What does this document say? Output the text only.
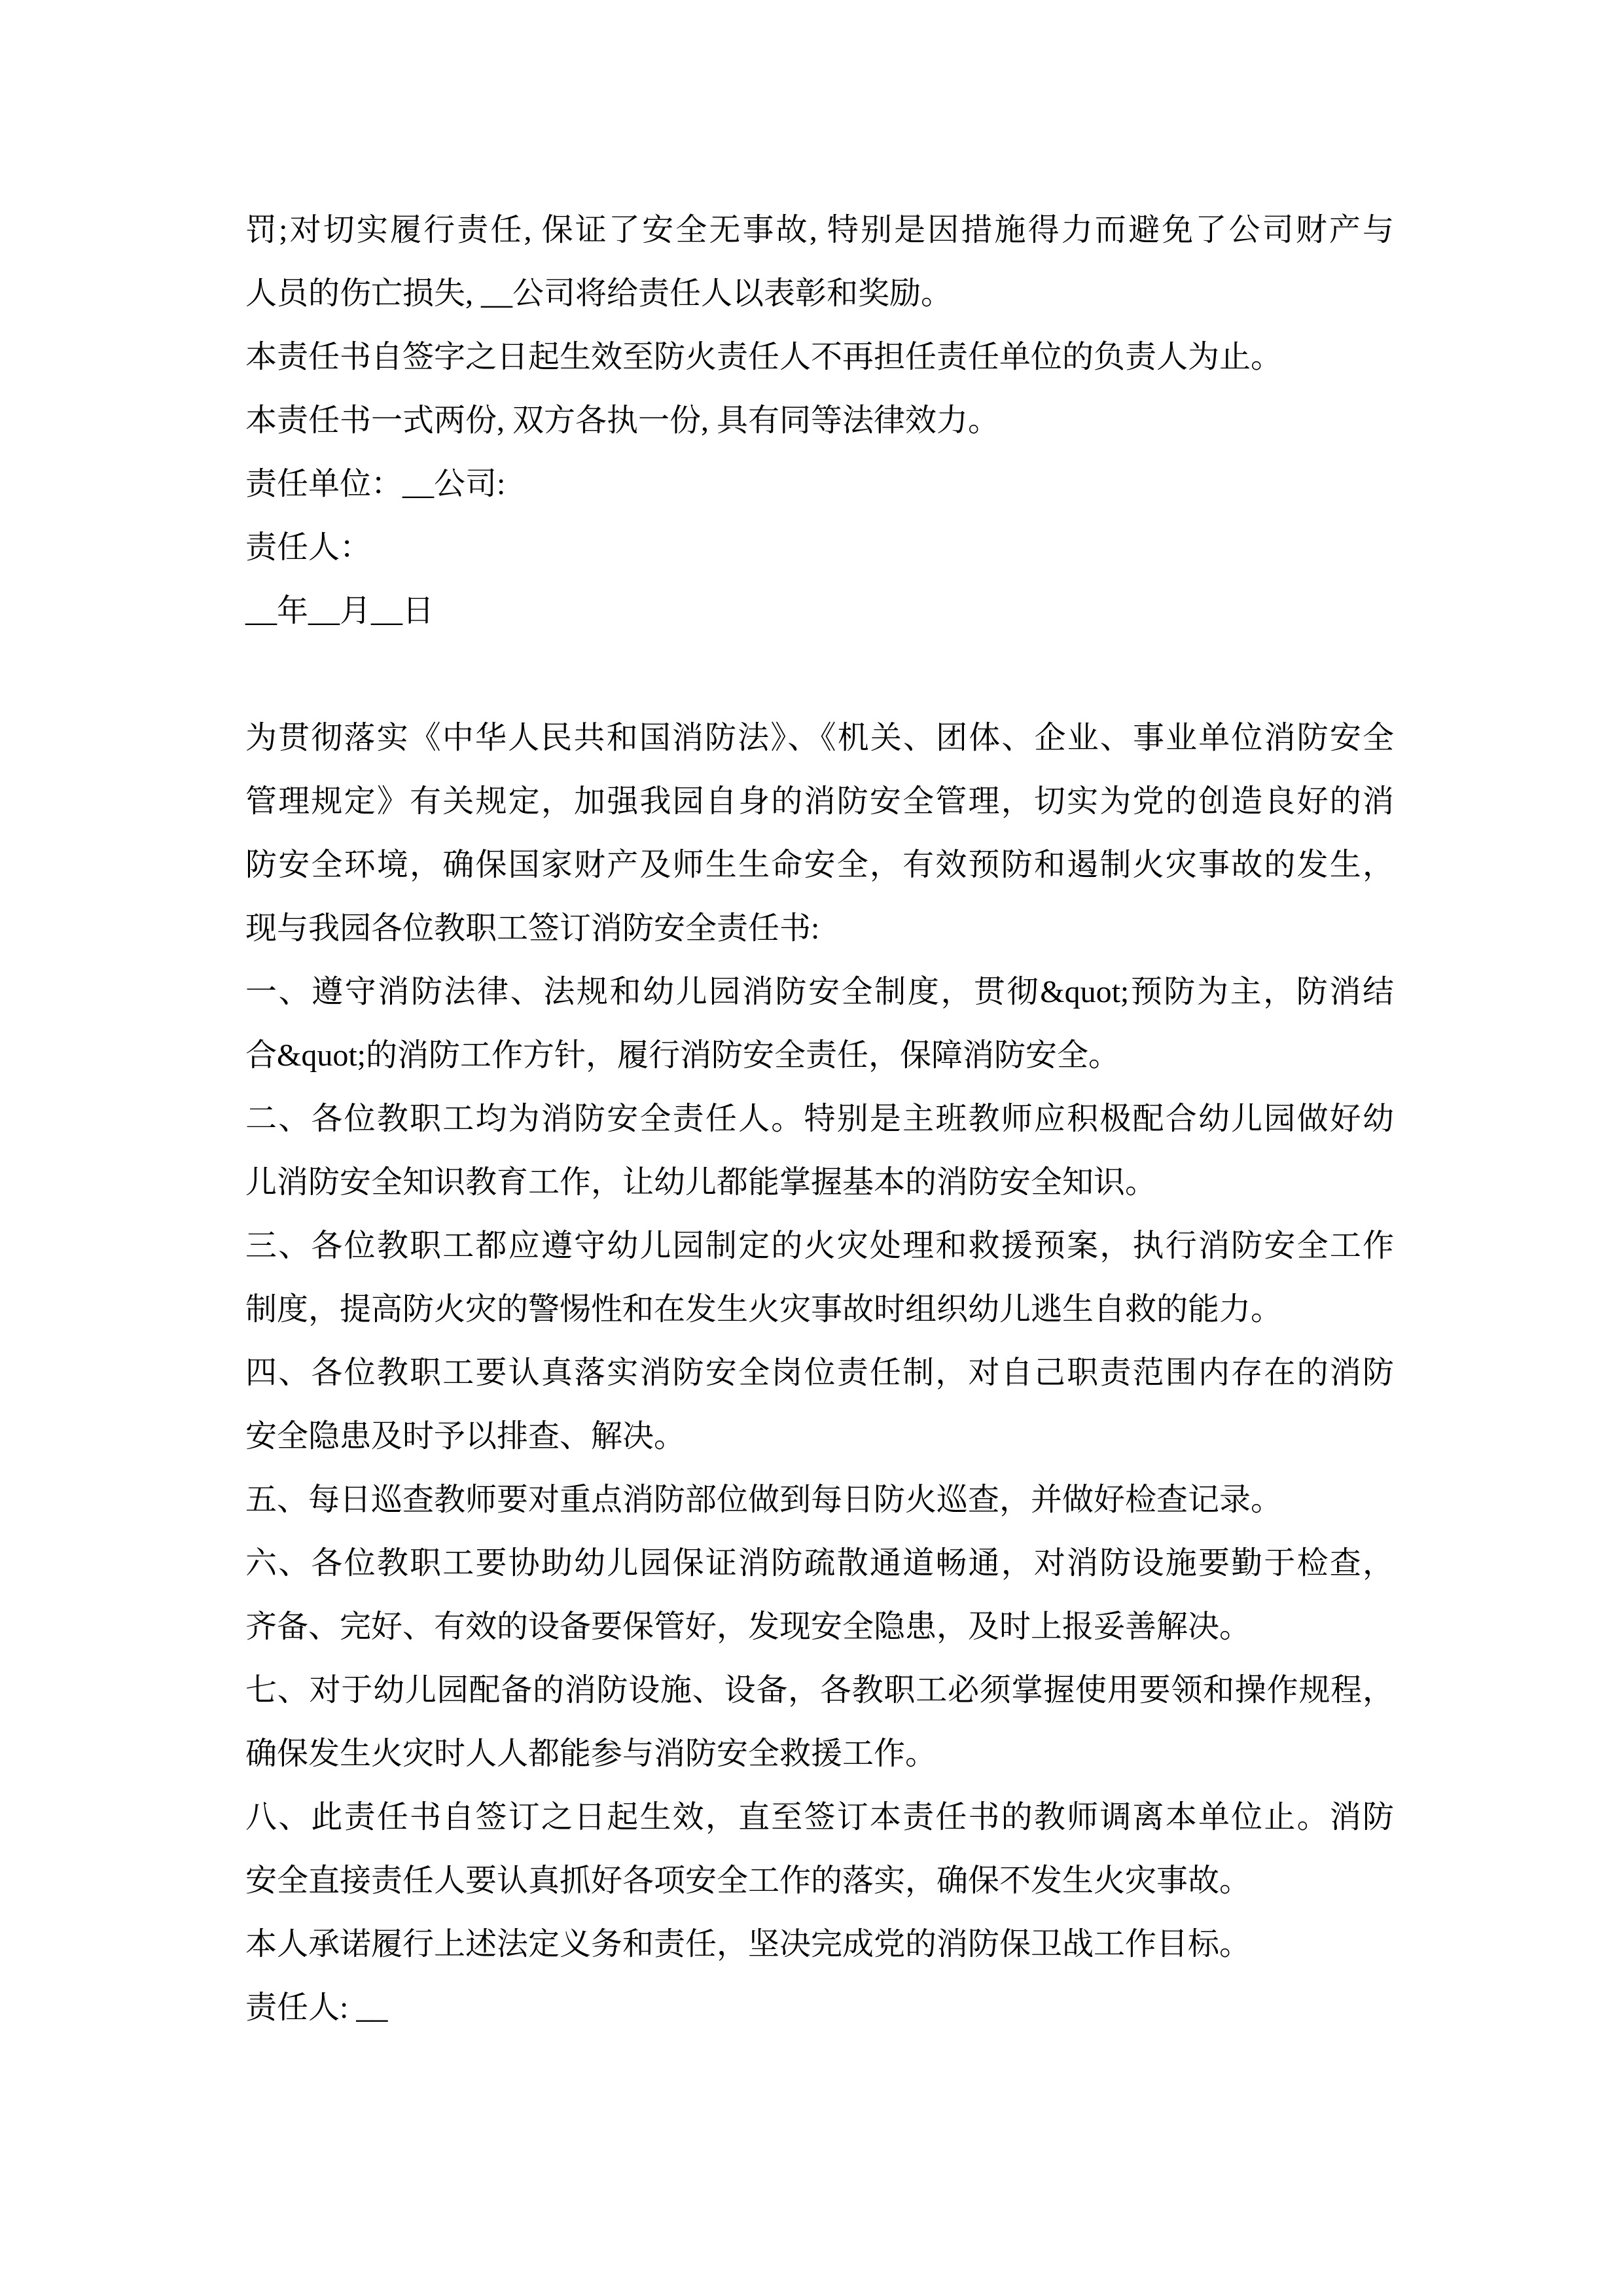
罚;对切实履行责任, 保证了安全无事故, 特别是因措施得力而避免了公司财产与
人员的伤亡损失, __公司将给责任人以表彰和奖励。
本责任书自签字之日起生效至防火责任人不再担任责任单位的负责人为止。
本责任书一式两份, 双方各执一份, 具有同等法律效力。
责任单位：__公司:
责任人：
__年__月__日
为贯彻落实《中华人民共和国消防法》、《机关、团体、企业、事业单位消防安全
管理规定》有关规定，加强我园自身的消防安全管理，切实为党的创造良好的消
防安全环境，确保国家财产及师生生命安全，有效预防和遏制火灾事故的发生，
现与我园各位教职工签订消防安全责任书:
一、遵守消防法律、法规和幼儿园消防安全制度，贯彻&quot;预防为主，防消结
合&quot;的消防工作方针，履行消防安全责任，保障消防安全。
二、各位教职工均为消防安全责任人。特别是主班教师应积极配合幼儿园做好幼
儿消防安全知识教育工作，让幼儿都能掌握基本的消防安全知识。
三、各位教职工都应遵守幼儿园制定的火灾处理和救援预案，执行消防安全工作
制度，提高防火灾的警惕性和在发生火灾事故时组织幼儿逃生自救的能力。
四、各位教职工要认真落实消防安全岗位责任制，对自己职责范围内存在的消防
安全隐患及时予以排查、解决。
五、每日巡查教师要对重点消防部位做到每日防火巡查，并做好检查记录。
六、各位教职工要协助幼儿园保证消防疏散通道畅通，对消防设施要勤于检查，
齐备、完好、有效的设备要保管好，发现安全隐患，及时上报妥善解决。
七、对于幼儿园配备的消防设施、设备，各教职工必须掌握使用要领和操作规程，
确保发生火灾时人人都能参与消防安全救援工作。
八、此责任书自签订之日起生效，直至签订本责任书的教师调离本单位止。消防
安全直接责任人要认真抓好各项安全工作的落实，确保不发生火灾事故。
本人承诺履行上述法定义务和责任，坚决完成党的消防保卫战工作目标。
责任人: __
